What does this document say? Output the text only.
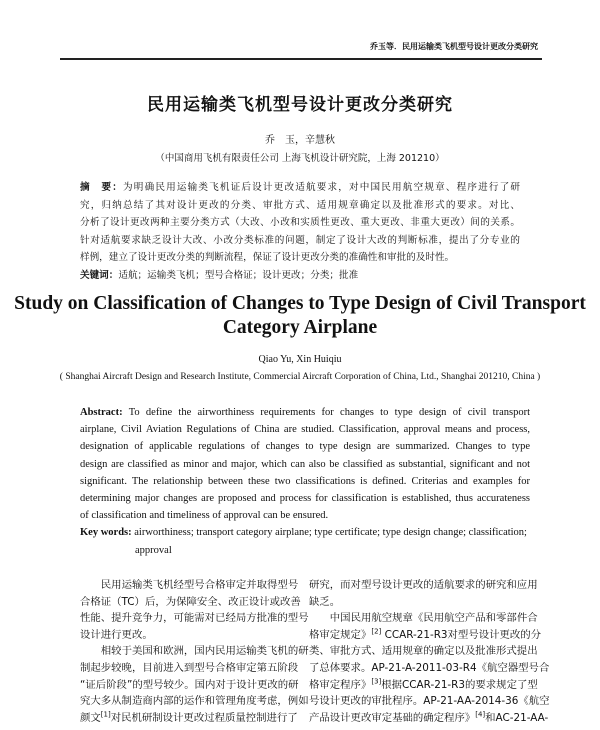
乔玉等．民用运输类飞机型号设计更改分类研究
民用运输类飞机型号设计更改分类研究
乔　玉，辛慧秋
（中国商用飞机有限责任公司 上海飞机设计研究院，上海 201210）
摘　要：为明确民用运输类飞机证后设计更改适航要求，对中国民用航空规章、程序进行了研
究，归纳总结了其对设计更改的分类、审批方式、适用规章确定以及批准形式的要求。对比、
分析了设计更改两种主要分类方式（大改、小改和实质性更改、重大更改、非重大更改）间的关系。
针对适航要求缺乏设计大改、小改分类标准的问题，制定了设计大改的判断标准，提出了分专业的
样例，建立了设计更改分类的判断流程，保证了设计更改分类的准确性和审批的及时性。
关键词：适航；运输类飞机；型号合格证；设计更改；分类；批准
Study on Classification of Changes to Type Design of Civil Transport
Category Airplane
Qiao Yu, Xin Huiqiu
( Shanghai Aircraft Design and Research Institute, Commercial Aircraft Corporation of China, Ltd., Shanghai 201210, China )
Abstract: To define the airworthiness requirements for changes to type design of civil transport
airplane, Civil Aviation Regulations of China are studied. Classification, approval means and process,
designation of applicable regulations of changes to type design are summarized. Changes to type
design are classified as minor and major, which can also be classified as substantial, significant and not
significant. The relationship between these two classifications is defined. Criterias and examples for
determining major changes are proposed and process for classification is established, thus accurateness
of classification and timeliness of approval can be ensured.
Key words: airworthiness; transport category airplane; type certificate; type design change; classification;
approval
民用运输类飞机经型号合格审定并取得型号
合格证（TC）后，为保障安全、改正设计或改善
性能、提升竞争力，可能需对已经局方批准的型号
设计进行更改。
相较于美国和欧洲，国内民用运输类飞机的研
制起步较晚，目前进入到型号合格审定第五阶段
“证后阶段”的型号较少。国内对于设计更改的研
究大多从制造商内部的运作和管理角度考虑，例如
颜文[1]对民机研制设计更改过程质量控制进行了
研究，而对型号设计更改的适航要求的研究和应用
缺乏。
中国民用航空规章《民用航空产品和零部件合
格审定规定》[2] CCAR-21-R3对型号设计更改的分
类、审批方式、适用规章的确定以及批准形式提出
了总体要求。AP-21-A-2011-03-R4《航空器型号合
格审定程序》[3]根据CCAR-21-R3的要求规定了型
号设计更改的审批程序。AP-21-AA-2014-36《航空
产品设计更改审定基础的确定程序》[4]和AC-21-AA-
